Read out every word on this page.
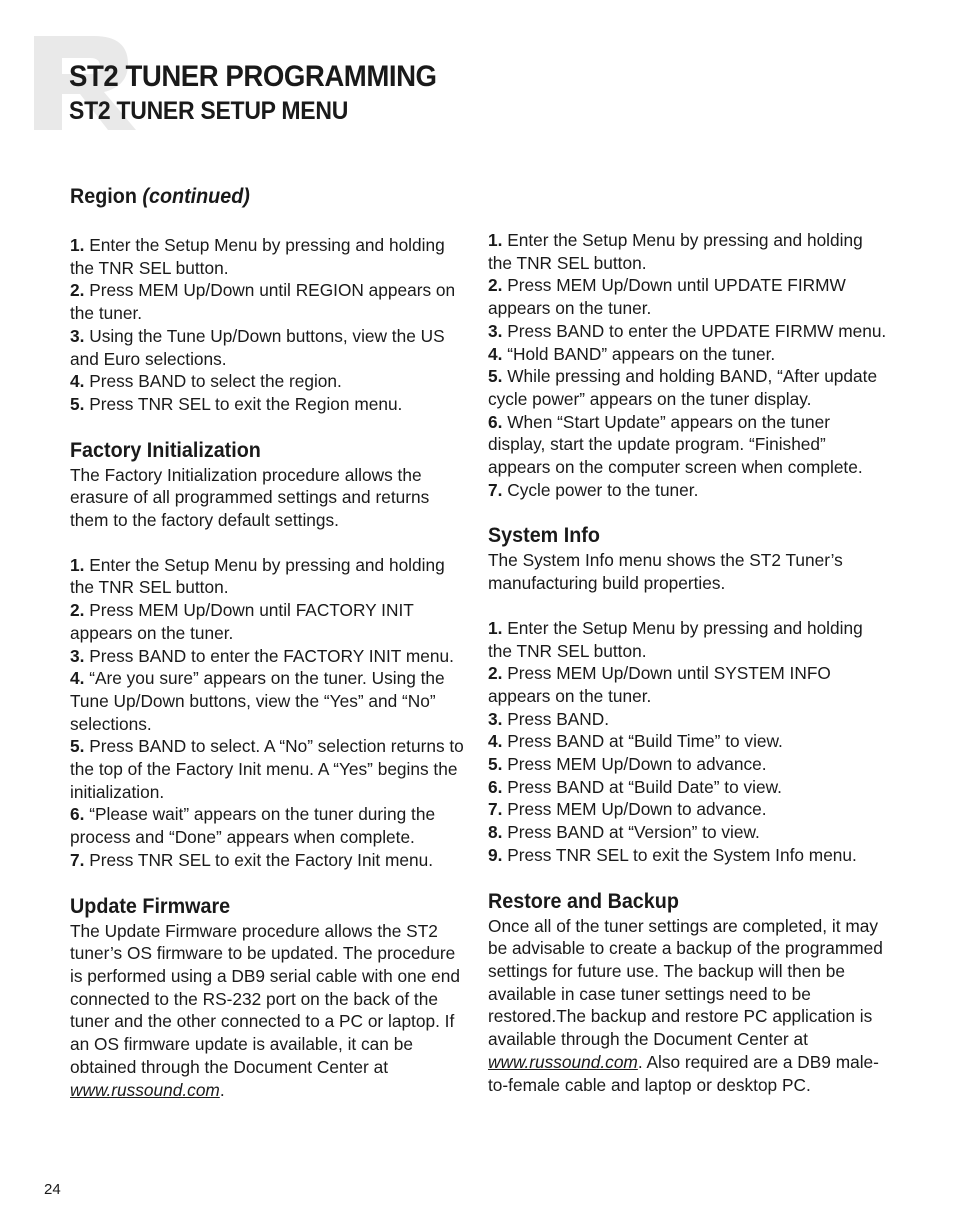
ST2 TUNER PROGRAMMING
ST2 TUNER SETUP MENU
Region (continued)
1. Enter the Setup Menu by pressing and holding the TNR SEL button.
2. Press MEM Up/Down until REGION appears on the tuner.
3. Using the Tune Up/Down buttons, view the US and Euro selections.
4. Press BAND to select the region.
5. Press TNR SEL to exit the Region menu.
Factory Initialization

The Factory Initialization procedure allows the erasure of all programmed settings and returns them to the factory default settings.

1. Enter the Setup Menu by pressing and holding the TNR SEL button.
2. Press MEM Up/Down until FACTORY INIT appears on the tuner.
3. Press BAND to enter the FACTORY INIT menu.
4. “Are you sure” appears on the tuner. Using the Tune Up/Down buttons, view the “Yes” and “No” selections.
5. Press BAND to select. A “No” selection returns to the top of the Factory Init menu. A “Yes” begins the initialization.
6. “Please wait” appears on the tuner during the process and “Done” appears when complete.
7. Press TNR SEL to exit the Factory Init menu.
Update Firmware

The Update Firmware procedure allows the ST2 tuner’s OS firmware to be updated. The procedure is performed using a DB9 serial cable with one end connected to the RS-232 port on the back of the tuner and the other connected to a PC or laptop. If an OS firmware update is available, it can be obtained through the Document Center at www.russound.com.

1. Enter the Setup Menu by pressing and holding the TNR SEL button.
2. Press MEM Up/Down until UPDATE FIRMW appears on the tuner.
3. Press BAND to enter the UPDATE FIRMW menu.
4. “Hold BAND” appears on the tuner.
5. While pressing and holding BAND, “After update cycle power” appears on the tuner display.
6. When “Start Update” appears on the tuner display, start the update program. “Finished” appears on the computer screen when complete.
7. Cycle power to the tuner.
System Info

The System Info menu shows the ST2 Tuner’s manufacturing build properties.

1. Enter the Setup Menu by pressing and holding the TNR SEL button.
2. Press MEM Up/Down until SYSTEM INFO appears on the tuner.
3. Press BAND.
4. Press BAND at “Build Time” to view.
5. Press MEM Up/Down to advance.
6. Press BAND at “Build Date” to view.
7. Press MEM Up/Down to advance.
8. Press BAND at “Version” to view.
9. Press TNR SEL to exit the System Info menu.
Restore and Backup

Once all of the tuner settings are completed, it may be advisable to create a backup of the programmed settings for future use. The backup will then be available in case tuner settings need to be restored.The backup and restore PC application is available through the Document Center at www.russound.com. Also required are a DB9 male-to-female cable and laptop or desktop PC.

24
